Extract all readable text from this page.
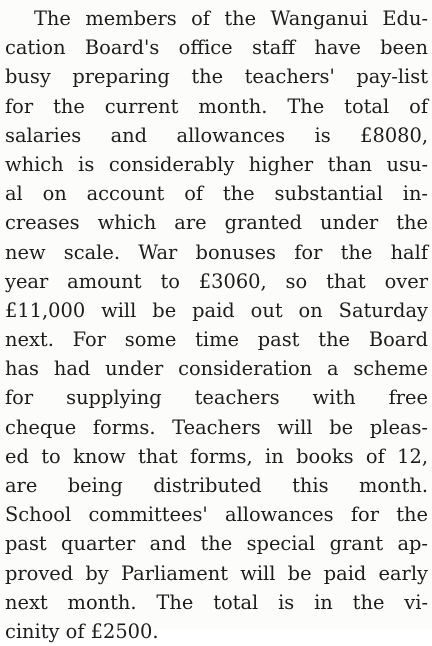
The members of the Wanganui Edu-
cation Board's office staff have been
busy preparing the teachers' pay-list
for the current month. The total of
salaries and allowances is £8080,
which is considerably higher than usu-
al on account of the substantial in-
creases which are granted under the
new scale. War bonuses for the half
year amount to £3060, so that over
£11,000 will be paid out on Saturday
next. For some time past the Board
has had under consideration a scheme
for supplying teachers with free
cheque forms. Teachers will be pleas-
ed to know that forms, in books of 12,
are being distributed this month.
School committees' allowances for the
past quarter and the special grant ap-
proved by Parliament will be paid early
next month. The total is in the vi-
cinity of £2500.
